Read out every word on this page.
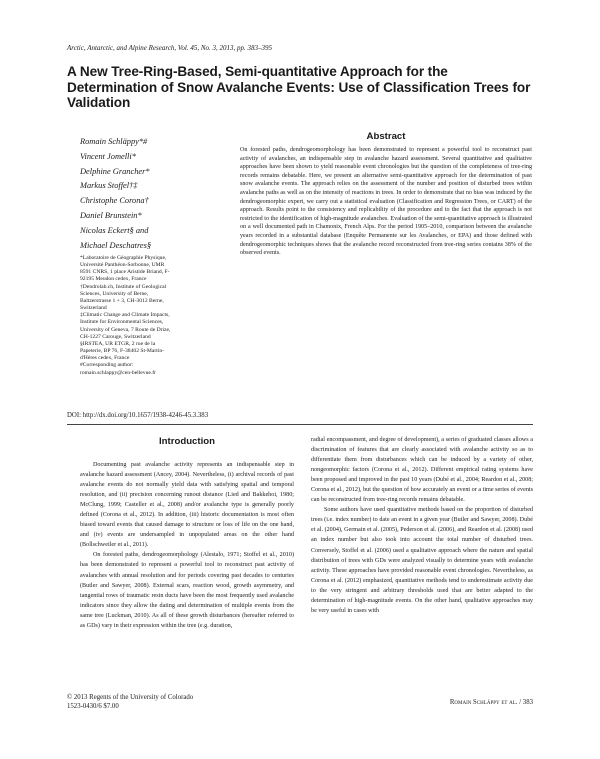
Arctic, Antarctic, and Alpine Research, Vol. 45, No. 3, 2013, pp. 383–395
A New Tree-Ring-Based, Semi-quantitative Approach for the Determination of Snow Avalanche Events: Use of Classification Trees for Validation
Romain Schläppy*#
Vincent Jomelli*
Delphine Grancher*
Markus Stoffel†‡
Christophe Corona†
Daniel Brunstein*
Nicolas Eckert§ and
Michael Deschatres§
*Laboratoire de Géographie Physique,
Université Panthéon-Sorbonne, UMR
8591 CNRS, 1 place Aristide Briand, F-
92195 Meudon cedex, France
†Dendrolab.ch, Institute of Geological
Sciences, University of Berne,
Baltzerstrasse 1 + 3, CH-3012 Berne,
Switzerland
‡Climatic Change and Climate Impacts,
Institute for Environmental Sciences,
University of Geneva, 7 Route de Drize,
CH-1227 Carouge, Switzerland
§IRSTEA, UR ETGR, 2 rue de la
Papeterie, BP 76, F-38402 St-Martin-
d'Hères cedex, France
#Corresponding author:
romain.schlappy@cen-bellevue.fr
Abstract

On forested paths, dendrogeomorphology has been demonstrated to represent a powerful tool to reconstruct past activity of avalanches, an indispensable step in avalanche hazard assessment. Several quantitative and qualitative approaches have been shown to yield reasonable event chronologies but the question of the completeness of tree-ring records remains debatable. Here, we present an alternative semi-quantitative approach for the determination of past snow avalanche events. The approach relies on the assessment of the number and position of disturbed trees within avalanche paths as well as on the intensity of reactions in trees. In order to demonstrate that no bias was induced by the dendrogeomorphic expert, we carry out a statistical evaluation (Classification and Regression Trees, or CART) of the approach. Results point to the consistency and replicability of the procedure and to the fact that the approach is not restricted to the identification of high-magnitude avalanches. Evaluation of the semi-quantitative approach is illustrated on a well documented path in Chamonix, French Alps. For the period 1905–2010, comparison between the avalanche years recorded in a substantial database (Enquête Permanente sur les Avalanches, or EPA) and those defined with dendrogeomorphic techniques shows that the avalanche record reconstructed from tree-ring series contains 38% of the observed events.

DOI: http://dx.doi.org/10.1657/1938-4246-45.3.383
Introduction

Documenting past avalanche activity represents an indispensable step in avalanche hazard assessment (Ancey, 2004). Nevertheless, (i) archival records of past avalanche events do not normally yield data with satisfying spatial and temporal resolution, and (ii) precision concerning runout distance (Lied and Bakkehoi, 1980; McClung, 1999; Casteller et al., 2008) and/or avalanche type is generally poorly defined (Corona et al., 2012). In addition, (iii) historic documentation is most often biased toward events that caused damage to structure or loss of life on the one hand, and (iv) events are undersampled in unpopulated areas on the other hand (Bollschweiler et al., 2011).

On forested paths, dendrogeomorphology (Alestalo, 1971; Stoffel et al., 2010) has been demonstrated to represent a powerful tool to reconstruct past activity of avalanches with annual resolution and for periods covering past decades to centuries (Butler and Sawyer, 2008). External scars, reaction wood, growth asymmetry, and tangential rows of traumatic resin ducts have been the most frequently used avalanche indicators since they allow the dating and determination of multiple events from the same tree (Luckman, 2010). As all of these growth disturbances (hereafter referred to as GDs) vary in their expression within the tree (e.g. duration,

radial encompassment, and degree of development), a series of graduated classes allows a discrimination of features that are clearly associated with avalanche activity so as to differentiate them from disturbances which can be induced by a variety of other, nongeomorphic factors (Corona et al., 2012). Different empirical rating systems have been proposed and improved in the past 10 years (Dubé et al., 2004; Reardon et al., 2008; Corona et al., 2012), but the question of how accurately an event or a time series of events can be reconstructed from tree-ring records remains debatable.

Some authors have used quantitative methods based on the proportion of disturbed trees (i.e. index number) to date an event in a given year (Butler and Sawyer, 2008). Dubé et al. (2004), Germain et al. (2005), Pederson et al. (2006), and Reardon et al. (2008) used an index number but also took into account the total number of disturbed trees. Conversely, Stoffel et al. (2006) used a qualitative approach where the nature and spatial distribution of trees with GDs were analyzed visually to determine years with avalanche activity. These approaches have provided reasonable event chronologies. Nevertheless, as Corona et al. (2012) emphasized, quantitative methods tend to underestimate activity due to the very stringent and arbitrary thresholds used that are better adapted to the determination of high-magnitude events. On the other hand, qualitative approaches may be very useful in cases with

© 2013 Regents of the University of Colorado
1523-0430/6 $7.00	Romain Schläppy et al. / 383
